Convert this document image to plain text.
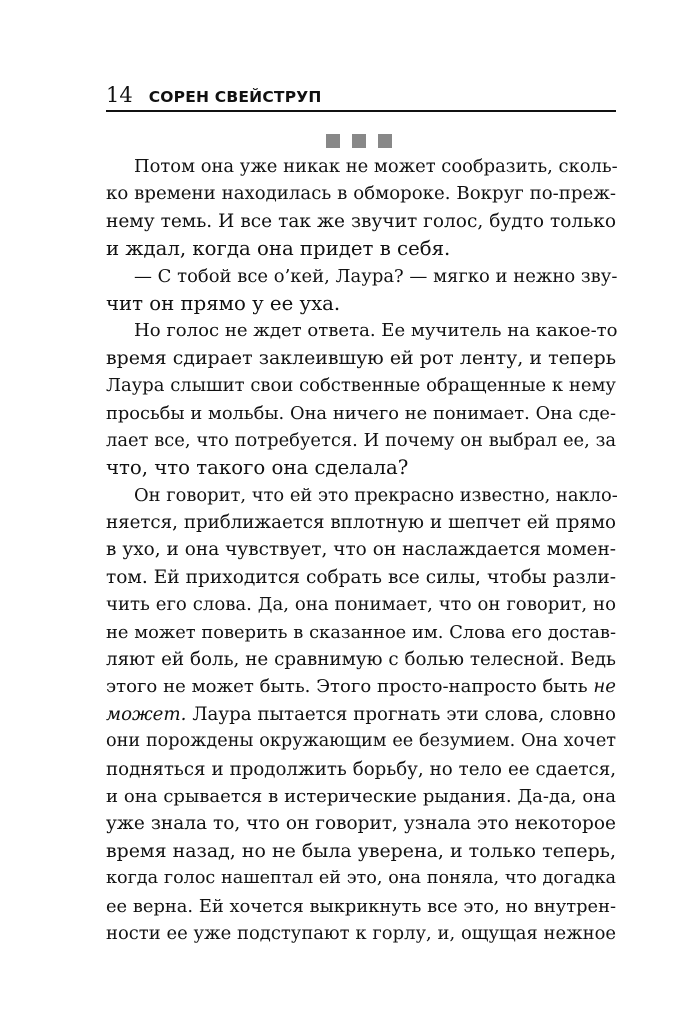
14 СОРЕН СВЕЙСТРУП
Потом она уже никак не может сообразить, сколь-
ко времени находилась в обмороке. Вокруг по-преж-
нему темь. И все так же звучит голос, будто только
и ждал, когда она придет в себя.
— С тобой все о’кей, Лаура? — мягко и нежно зву-
чит он прямо у ее уха.
Но голос не ждет ответа. Ее мучитель на какое-то
время сдирает заклеившую ей рот ленту, и теперь
Лаура слышит свои собственные обращенные к нему
просьбы и мольбы. Она ничего не понимает. Она сде-
лает все, что потребуется. И почему он выбрал ее, за
что, что такого она сделала?
Он говорит, что ей это прекрасно известно, накло-
няется, приближается вплотную и шепчет ей прямо
в ухо, и она чувствует, что он наслаждается момен-
том. Ей приходится собрать все силы, чтобы разли-
чить его слова. Да, она понимает, что он говорит, но
не может поверить в сказанное им. Слова его достав-
ляют ей боль, не сравнимую с болью телесной. Ведь
этого не может быть. Этого просто-напросто быть не
может. Лаура пытается прогнать эти слова, словно
они порождены окружающим ее безумием. Она хочет
подняться и продолжить борьбу, но тело ее сдается,
и она срывается в истерические рыдания. Да-да, она
уже знала то, что он говорит, узнала это некоторое
время назад, но не была уверена, и только теперь,
когда голос нашептал ей это, она поняла, что догадка
ее верна. Ей хочется выкрикнуть все это, но внутрен-
ности ее уже подступают к горлу, и, ощущая нежное
